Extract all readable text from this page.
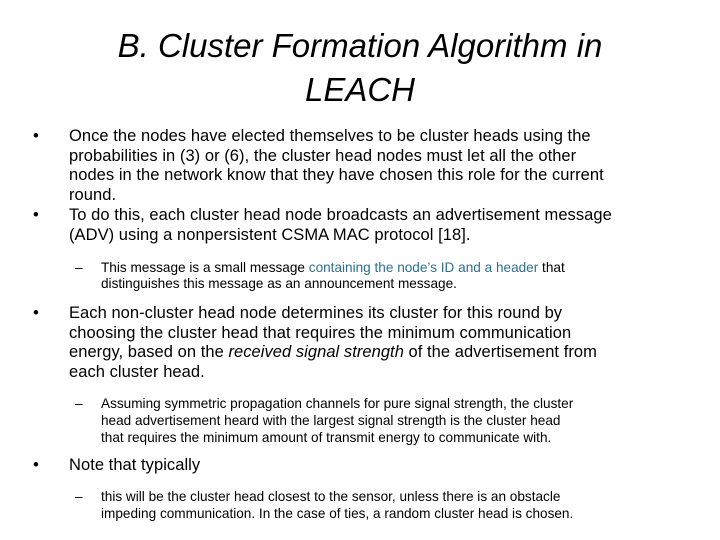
B. Cluster Formation Algorithm in
LEACH
• Once the nodes have elected themselves to be cluster heads using the
probabilities in (3) or (6), the cluster head nodes must let all the other
nodes in the network know that they have chosen this role for the current
round.
• To do this, each cluster head node broadcasts an advertisement message
(ADV) using a nonpersistent CSMA MAC protocol [18].
– This message is a small message containing the node’s ID and a header that
distinguishes this message as an announcement message.
• Each non-cluster head node determines its cluster for this round by
choosing the cluster head that requires the minimum communication
energy, based on the received signal strength of the advertisement from
each cluster head.
– Assuming symmetric propagation channels for pure signal strength, the cluster
head advertisement heard with the largest signal strength is the cluster head
that requires the minimum amount of transmit energy to communicate with.
• Note that typically
– this will be the cluster head closest to the sensor, unless there is an obstacle
impeding communication. In the case of ties, a random cluster head is chosen.
